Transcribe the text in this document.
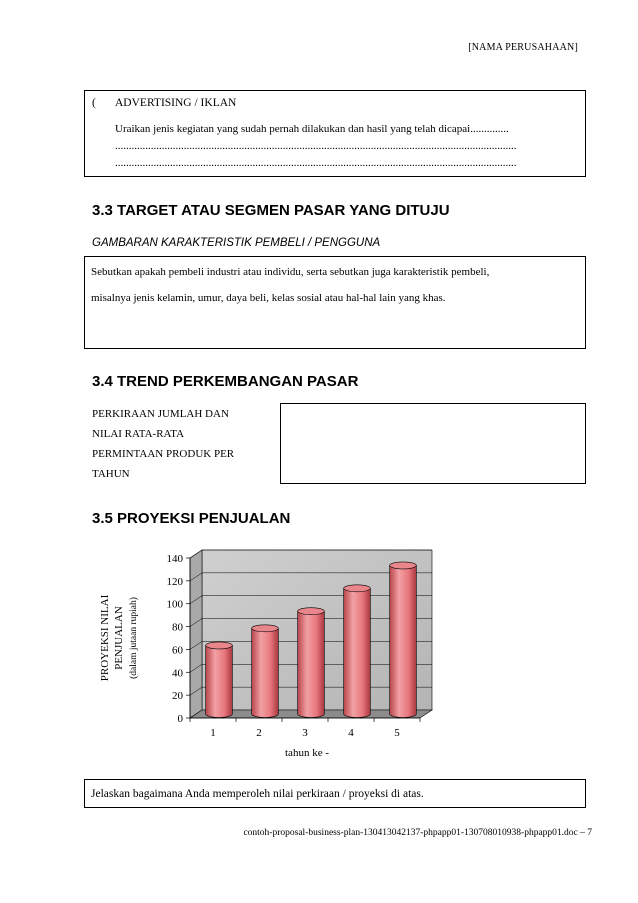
[NAMA PERUSAHAAN]
( ADVERTISING / IKLAN
Uraikan jenis kegiatan yang sudah pernah dilakukan dan hasil yang telah dicapai..............
..................................................................................................................................................
..................................................................................................................................................
3.3 TARGET ATAU SEGMEN PASAR YANG DITUJU
GAMBARAN KARAKTERISTIK PEMBELI / PENGGUNA
Sebutkan apakah pembeli industri atau individu, serta sebutkan juga karakteristik pembeli,
misalnya jenis kelamin, umur, daya beli, kelas sosial atau hal-hal lain yang khas.
3.4 TREND PERKEMBANGAN PASAR
PERKIRAAN JUMLAH DAN
NILAI RATA-RATA
PERMINTAAN PRODUK PER
TAHUN
3.5 PROYEKSI PENJUALAN
0
20
40
60
80
100
120
140
1	2	3	4	5
tahun ke -
PROYEKSI NILAI PENJUALAN (dalam jutaan rupiah)
Jelaskan bagaimana Anda memperoleh nilai perkiraan / proyeksi di atas.
contoh-proposal-business-plan-130413042137-phpapp01-130708010938-phpapp01.doc – 7
